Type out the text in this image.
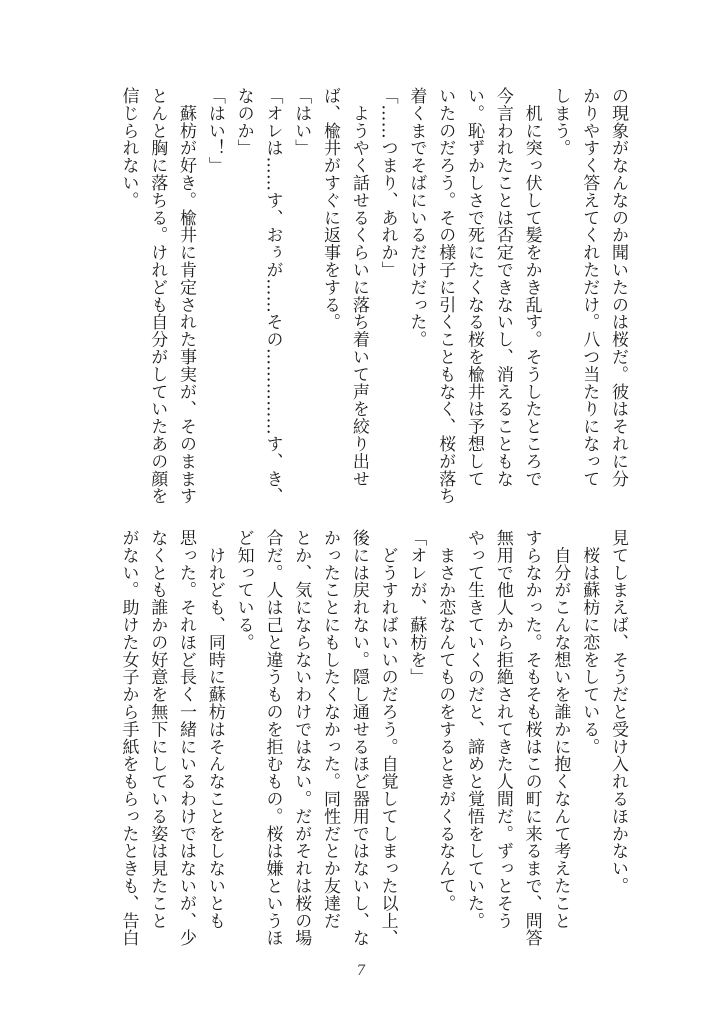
の現象がなんなのか聞いたのは桜だ。彼はそれに分

かりやすく答えてくれただけ。八つ当たりになって

しまう。

　机に突っ伏して髪をかき乱す。そうしたところで

今言われたことは否定できないし、消えることもな

い。恥ずかしさで死にたくなる桜を楡井は予想して

いたのだろう。その様子に引くこともなく、桜が落ち

着くまでそばにいるだけだった。

「……つまり、あれか」

　ようやく話せるくらいに落ち着いて声を絞り出せ

ば、楡井がすぐに返事をする。

「はい」

「オレは……す、おぅが……その……………す、き、

なのか」

「はい！」

　蘇枋が好き。楡井に肯定された事実が、そのまます

とんと胸に落ちる。けれども自分がしていたあの顔を

信じられない。

見てしまえば、そうだと受け入れるほかない。

　桜は蘇枋に恋をしている。

　自分がこんな想いを誰かに抱くなんて考えたこと

すらなかった。そもそも桜はこの町に来るまで、問答

無用で他人から拒絶されてきた人間だ。ずっとそう

やって生きていくのだと、諦めと覚悟をしていた。

　まさか恋なんてものをするときがくるなんて。

「オレが、蘇枋を」

　どうすればいいのだろう。自覚してしまった以上、

後には戻れない。隠し通せるほど器用ではないし、な

かったことにもしたくなかった。同性だとか友達だ

とか、気にならないわけではない。だがそれは桜の場

合だ。人は己と違うものを拒むもの。桜は嫌というほ

ど知っている。

　けれども、同時に蘇枋はそんなことをしないとも

思った。それほど長く一緒にいるわけではないが、少

なくとも誰かの好意を無下にしている姿は見たこと

がない。助けた女子から手紙をもらったときも、告白

7
